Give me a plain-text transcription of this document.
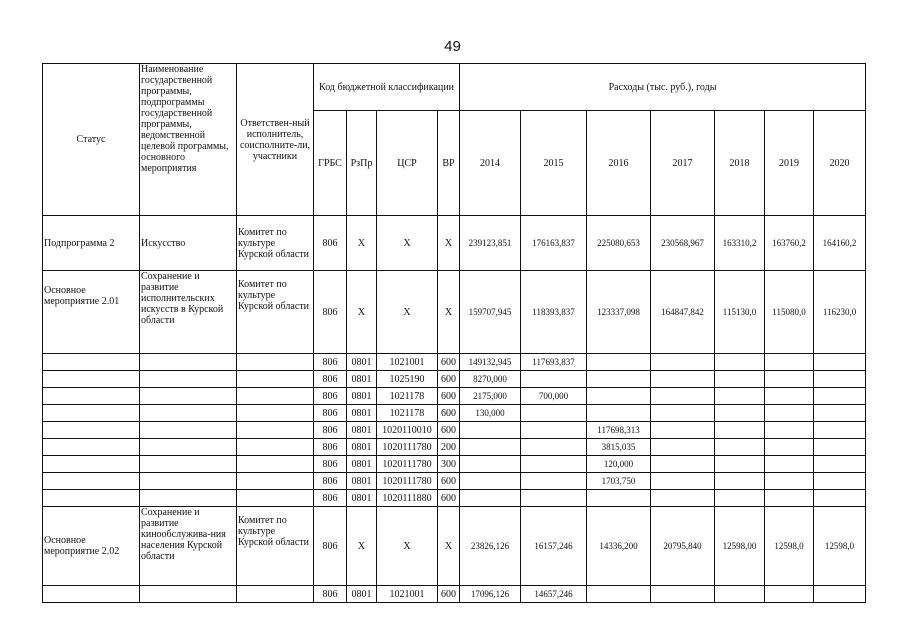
49
Статус	Наименование государственной программы, подпрограммы государственной программы, ведомственной целевой программы, основного мероприятия	Ответствен-ный исполнитель, соисполните-ли, участники	Код бюджетной классификации				Расходы (тыс. руб.), годы						
			ГРБС	РзПр	ЦСР	ВР	2014	2015	2016	2017	2018	2019	2020
Подпрограмма 2	Искусство	Комитет по культуре Курской области	806	Х	Х	Х	239123,851	176163,837	225080,653	230568,967	163310,2	163760,2	164160,2
Основное мероприятие 2.01	Сохранение и развитие исполнительских искусств в Курской области	Комитет по культуре Курской области	806	Х	Х	Х	159707,945	118393,837	123337,098	164847,842	115130,0	115080,0	116230,0
			806	0801	1021001	600	149132,945	117693,837					
			806	0801	1025190	600	8270,000						
			806	0801	1021178	600	2175,000	700,000					
			806	0801	1021178	600	130,000						
			806	0801	1020110010	600			117698,313				
			806	0801	1020111780	200			3815,035				
			806	0801	1020111780	300			120,000				
			806	0801	1020111780	600			1703,750				
			806	0801	1020111880	600							
Основное мероприятие 2.02	Сохранение и развитие кинообслужива-ния населения Курской области	Комитет по культуре Курской области	806	Х	Х	Х	23826,126	16157,246	14336,200	20795,840	12598,00	12598,0	12598,0
			806	0801	1021001	600	17096,126	14657,246					
